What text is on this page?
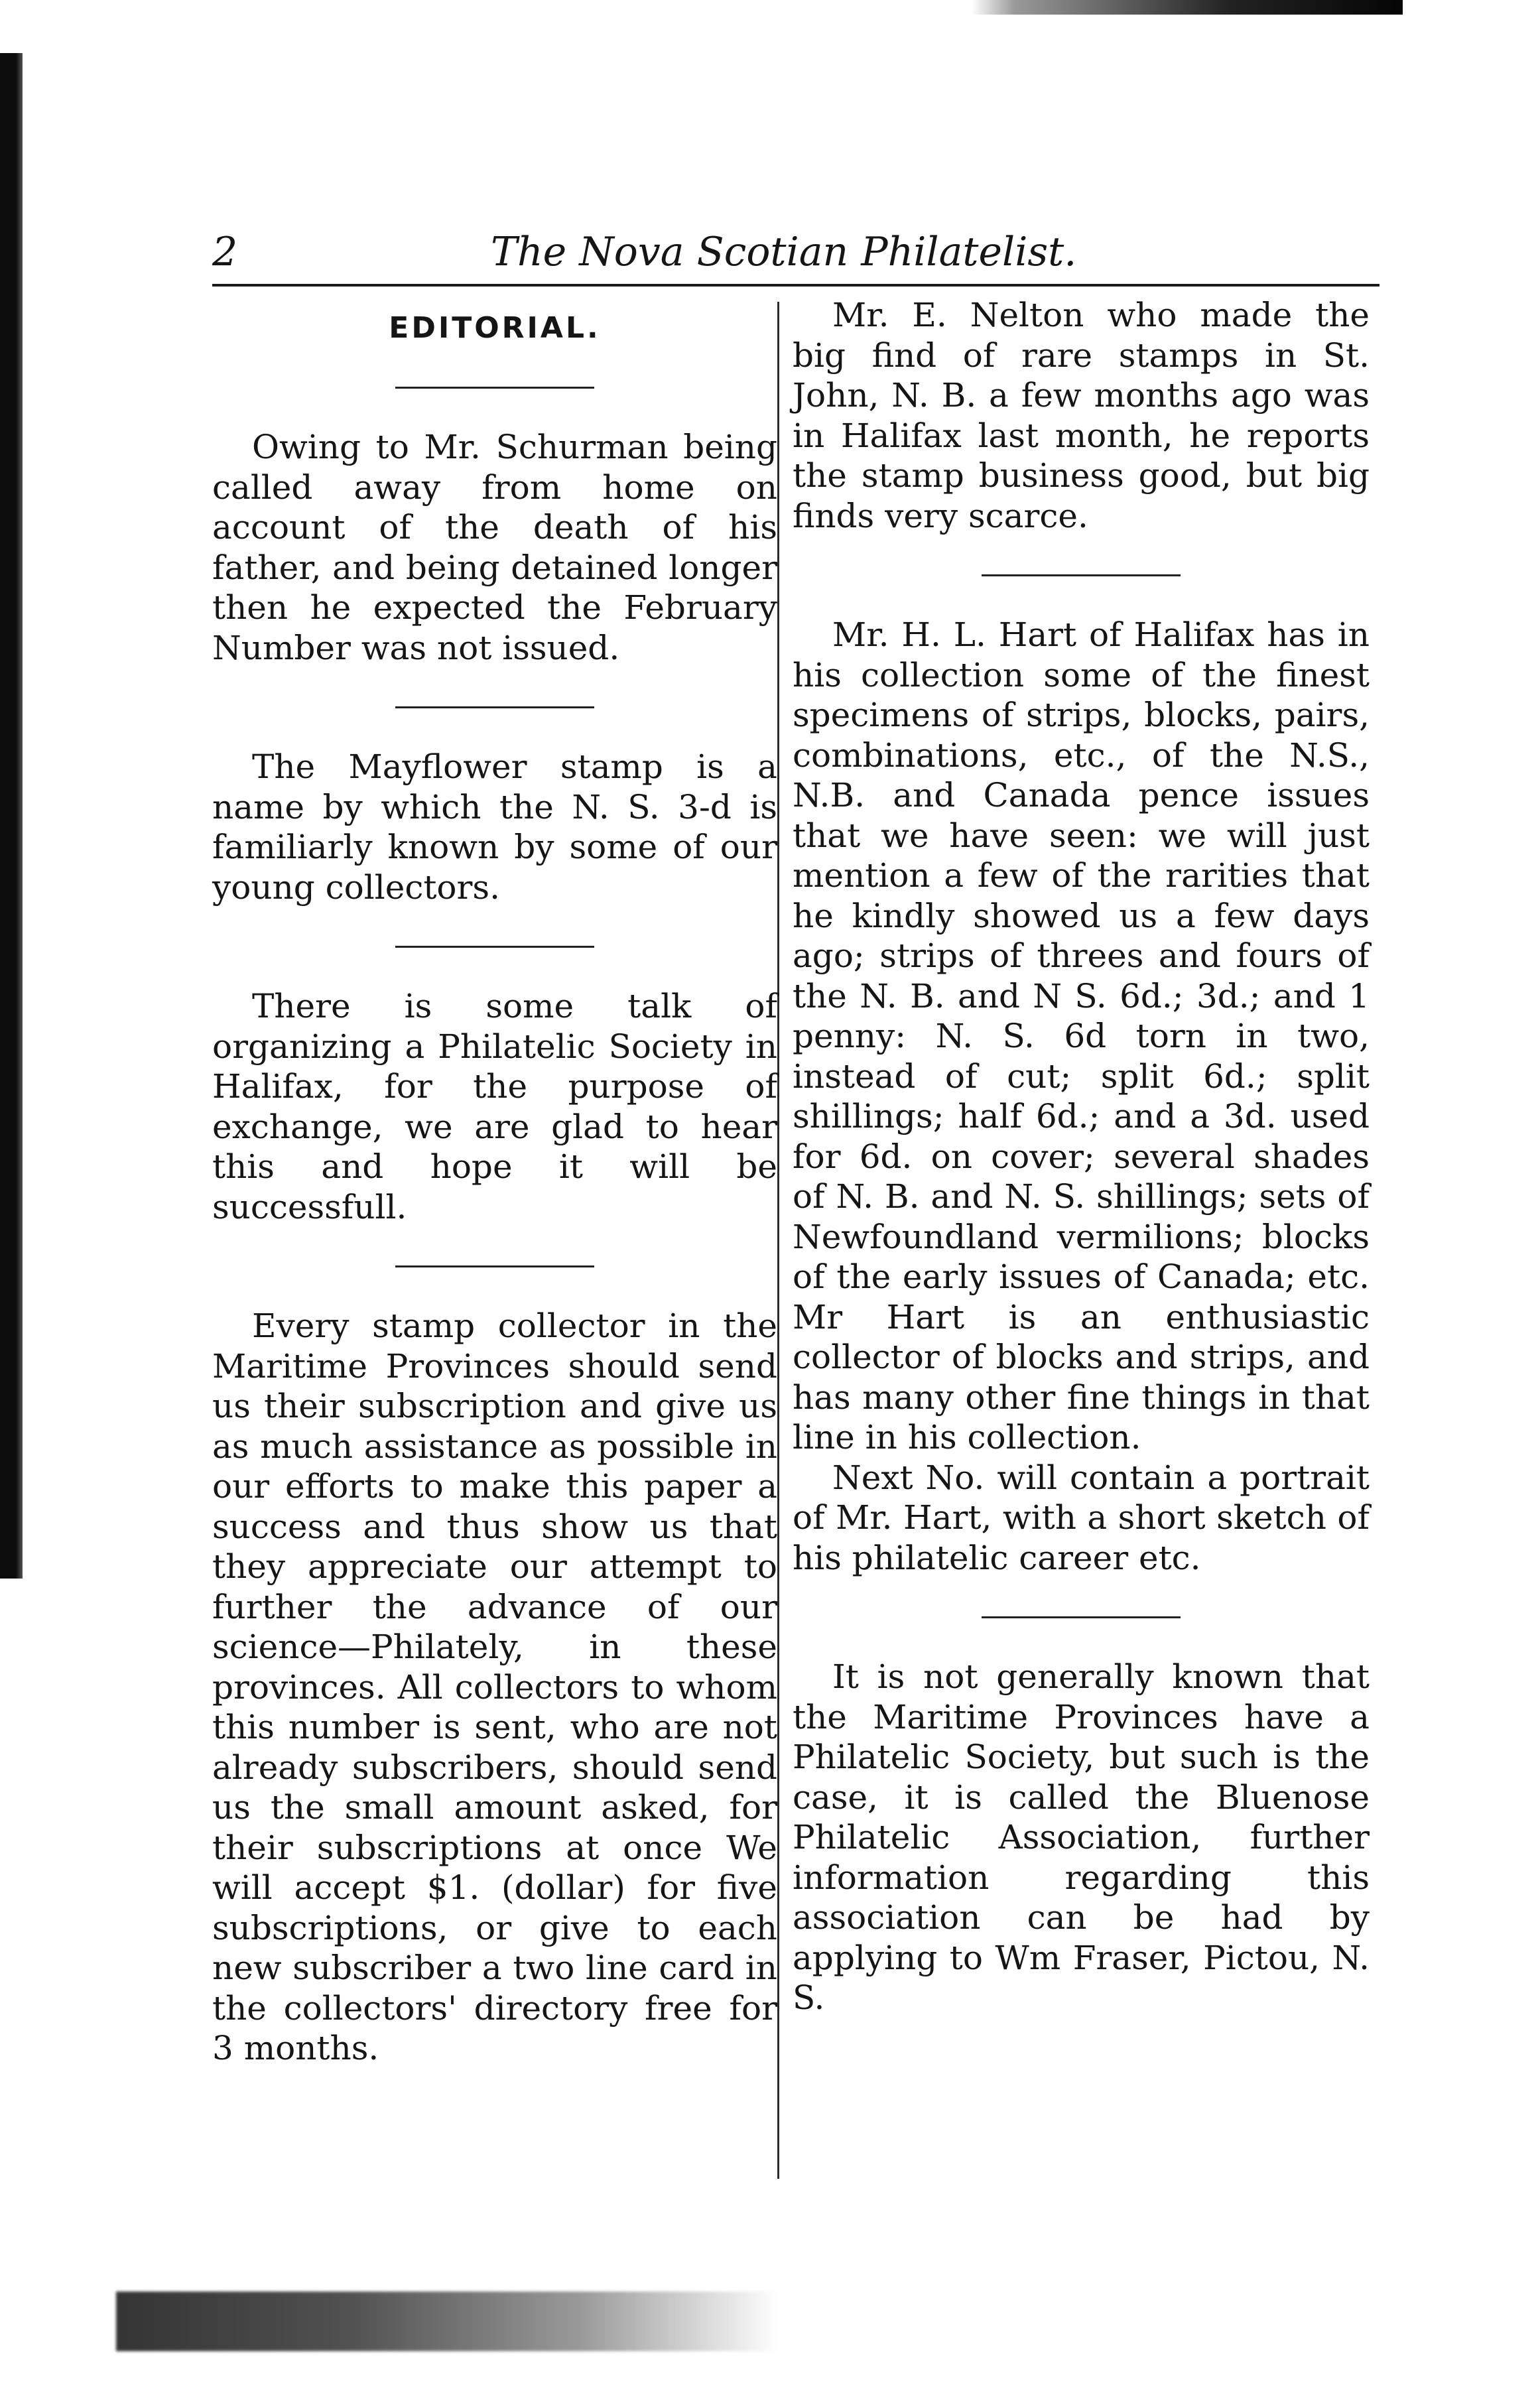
2	The Nova Scotian Philatelist.
EDITORIAL.

Owing to Mr. Schurman being called away from home on account of the death of his father, and being detained longer then he expected the February Number was not issued.

The Mayflower stamp is a name by which the N. S. 3-d is familiarly known by some of our young collectors.

There is some talk of organizing a Philatelic Society in Halifax, for the purpose of exchange, we are glad to hear this and hope it will be successfull.

Every stamp collector in the Maritime Provinces should send us their subscription and give us as much assistance as possible in our efforts to make this paper a success and thus show us that they appreciate our attempt to further the advance of our science—Philately, in these provinces. All collectors to whom this number is sent, who are not already subscribers, should send us the small amount asked, for their subscriptions at once We will accept $1. (dollar) for five subscriptions, or give to each new subscriber a two line card in the collectors' directory free for 3 months.

Mr. E. Nelton who made the big find of rare stamps in St. John, N. B. a few months ago was in Halifax last month, he reports the stamp business good, but big finds very scarce.

Mr. H. L. Hart of Halifax has in his collection some of the finest specimens of strips, blocks, pairs, combinations, etc., of the N.S., N.B. and Canada pence issues that we have seen: we will just mention a few of the rarities that he kindly showed us a few days ago; strips of threes and fours of the N. B. and N S. 6d.; 3d.; and 1 penny: N. S. 6d torn in two, instead of cut; split 6d.; split shillings; half 6d.; and a 3d. used for 6d. on cover; several shades of N. B. and N. S. shillings; sets of Newfoundland vermilions; blocks of the early issues of Canada; etc. Mr Hart is an enthusiastic collector of blocks and strips, and has many other fine things in that line in his collection.

Next No. will contain a portrait of Mr. Hart, with a short sketch of his philatelic career etc.

It is not generally known that the Maritime Provinces have a Philatelic Society, but such is the case, it is called the Bluenose Philatelic Association, further information regarding this association can be had by applying to Wm Fraser, Pictou, N. S.
